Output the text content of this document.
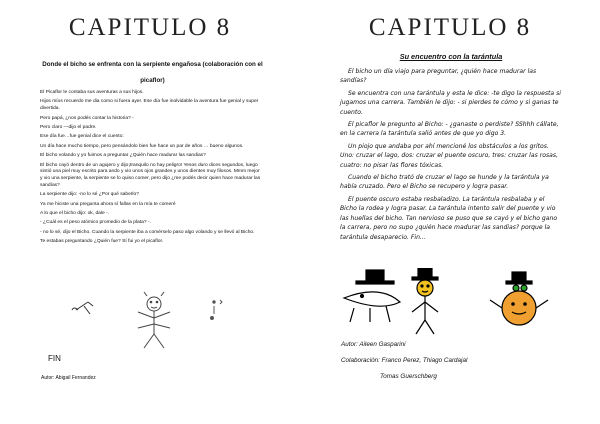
CAPITULO 8
Donde el bicho se enfrenta con la serpiente engañosa (colaboración con el picaflor)

El Picaflor le contaba sus aventuras a sus hijos.

Hijos míos recuerdo me dia como si fuera ayer. Ese día fue inolvidable la aventura fue genial y super divertida.

Pero papá, ¿nos podés contar la historia? -

Pero claro —dijo el padre.

Ese día fue…fue genial dice el cuento:

Un día hace mucho tiempo, pero pensándolo bien fue hace un par de años … bueno algunos.

El bicho volando y yo fuimos a preguntar ¿Quién hace madurar las sandias?

El bicho cayó dentro de un agujero y dijo¡tranquilo no hay peligro! Yesos duro dices segundos, luego sintió una piel muy escrito para ando y vio unos ojos grandes y unos dientes muy filosos. Mmm mejor y vio una serpiente, la serpiente se lo quiso comer, pero dijo ¿me podés decir quien hace madurar las sandías?

La serpiente dijo: -no lo sé ¿Por qué saberlo?

Ya me hiciste una pregunta ahora sí fallas en la mía te comeré

A lo que el bicho dijo: ok, dale -.

- ¿Cuál es el peso atómico promedio de la plata? -.

- no lo sé, dijo el Bicho. Cuando la serpiente iba a comérselo paso algo volando y se llevó al Bicho.

Te estabas preguntando ¿Quién fue? Sí fui yo el picaflor.

FIN
Autor: Abigail Fernandez
CAPITULO 8
Su encuentro con la tarántula

El bicho un día viajo para preguntar, ¿quién hace madurar las sandías?

Se encuentra con una tarántula y esta le dice: -te digo la respuesta si jugamos una carrera. También le dijo: - si pierdes te cómo y si ganas te cuento.

El picaflor le pregunto al Bicho: - ¿ganaste o perdiste? SShhh cállate, en la carrera la tarántula salió antes de que yo digo 3.

Un piojo que andaba por ahí mencioné los obstáculos a los gritos. Uno: cruzar el lago, dos: cruzar el puente oscuro, tres: cruzar las rosas, cuatro: no pisar las flores tóxicas.

Cuando el bicho trató de cruzar el lago se hunde y la tarántula ya había cruzado. Pero el Bicho se recupero y logra pasar.

El puente oscuro estaba resbaladizo. La tarántula resbalaba y el Bicho la rodea y logra pasar. La tarántula intento salir del puente y vio las huellas del bicho. Tan nervioso se puso que se cayó y el bicho gano la carrera, pero no supo ¿quién hace madurar las sandias? porque la tarántula desaparecio. Fin…

Autor: Aileen Gasparini
Colaboración: Franco Perez, Thiago Cardajal
Tomas Guerschberg
